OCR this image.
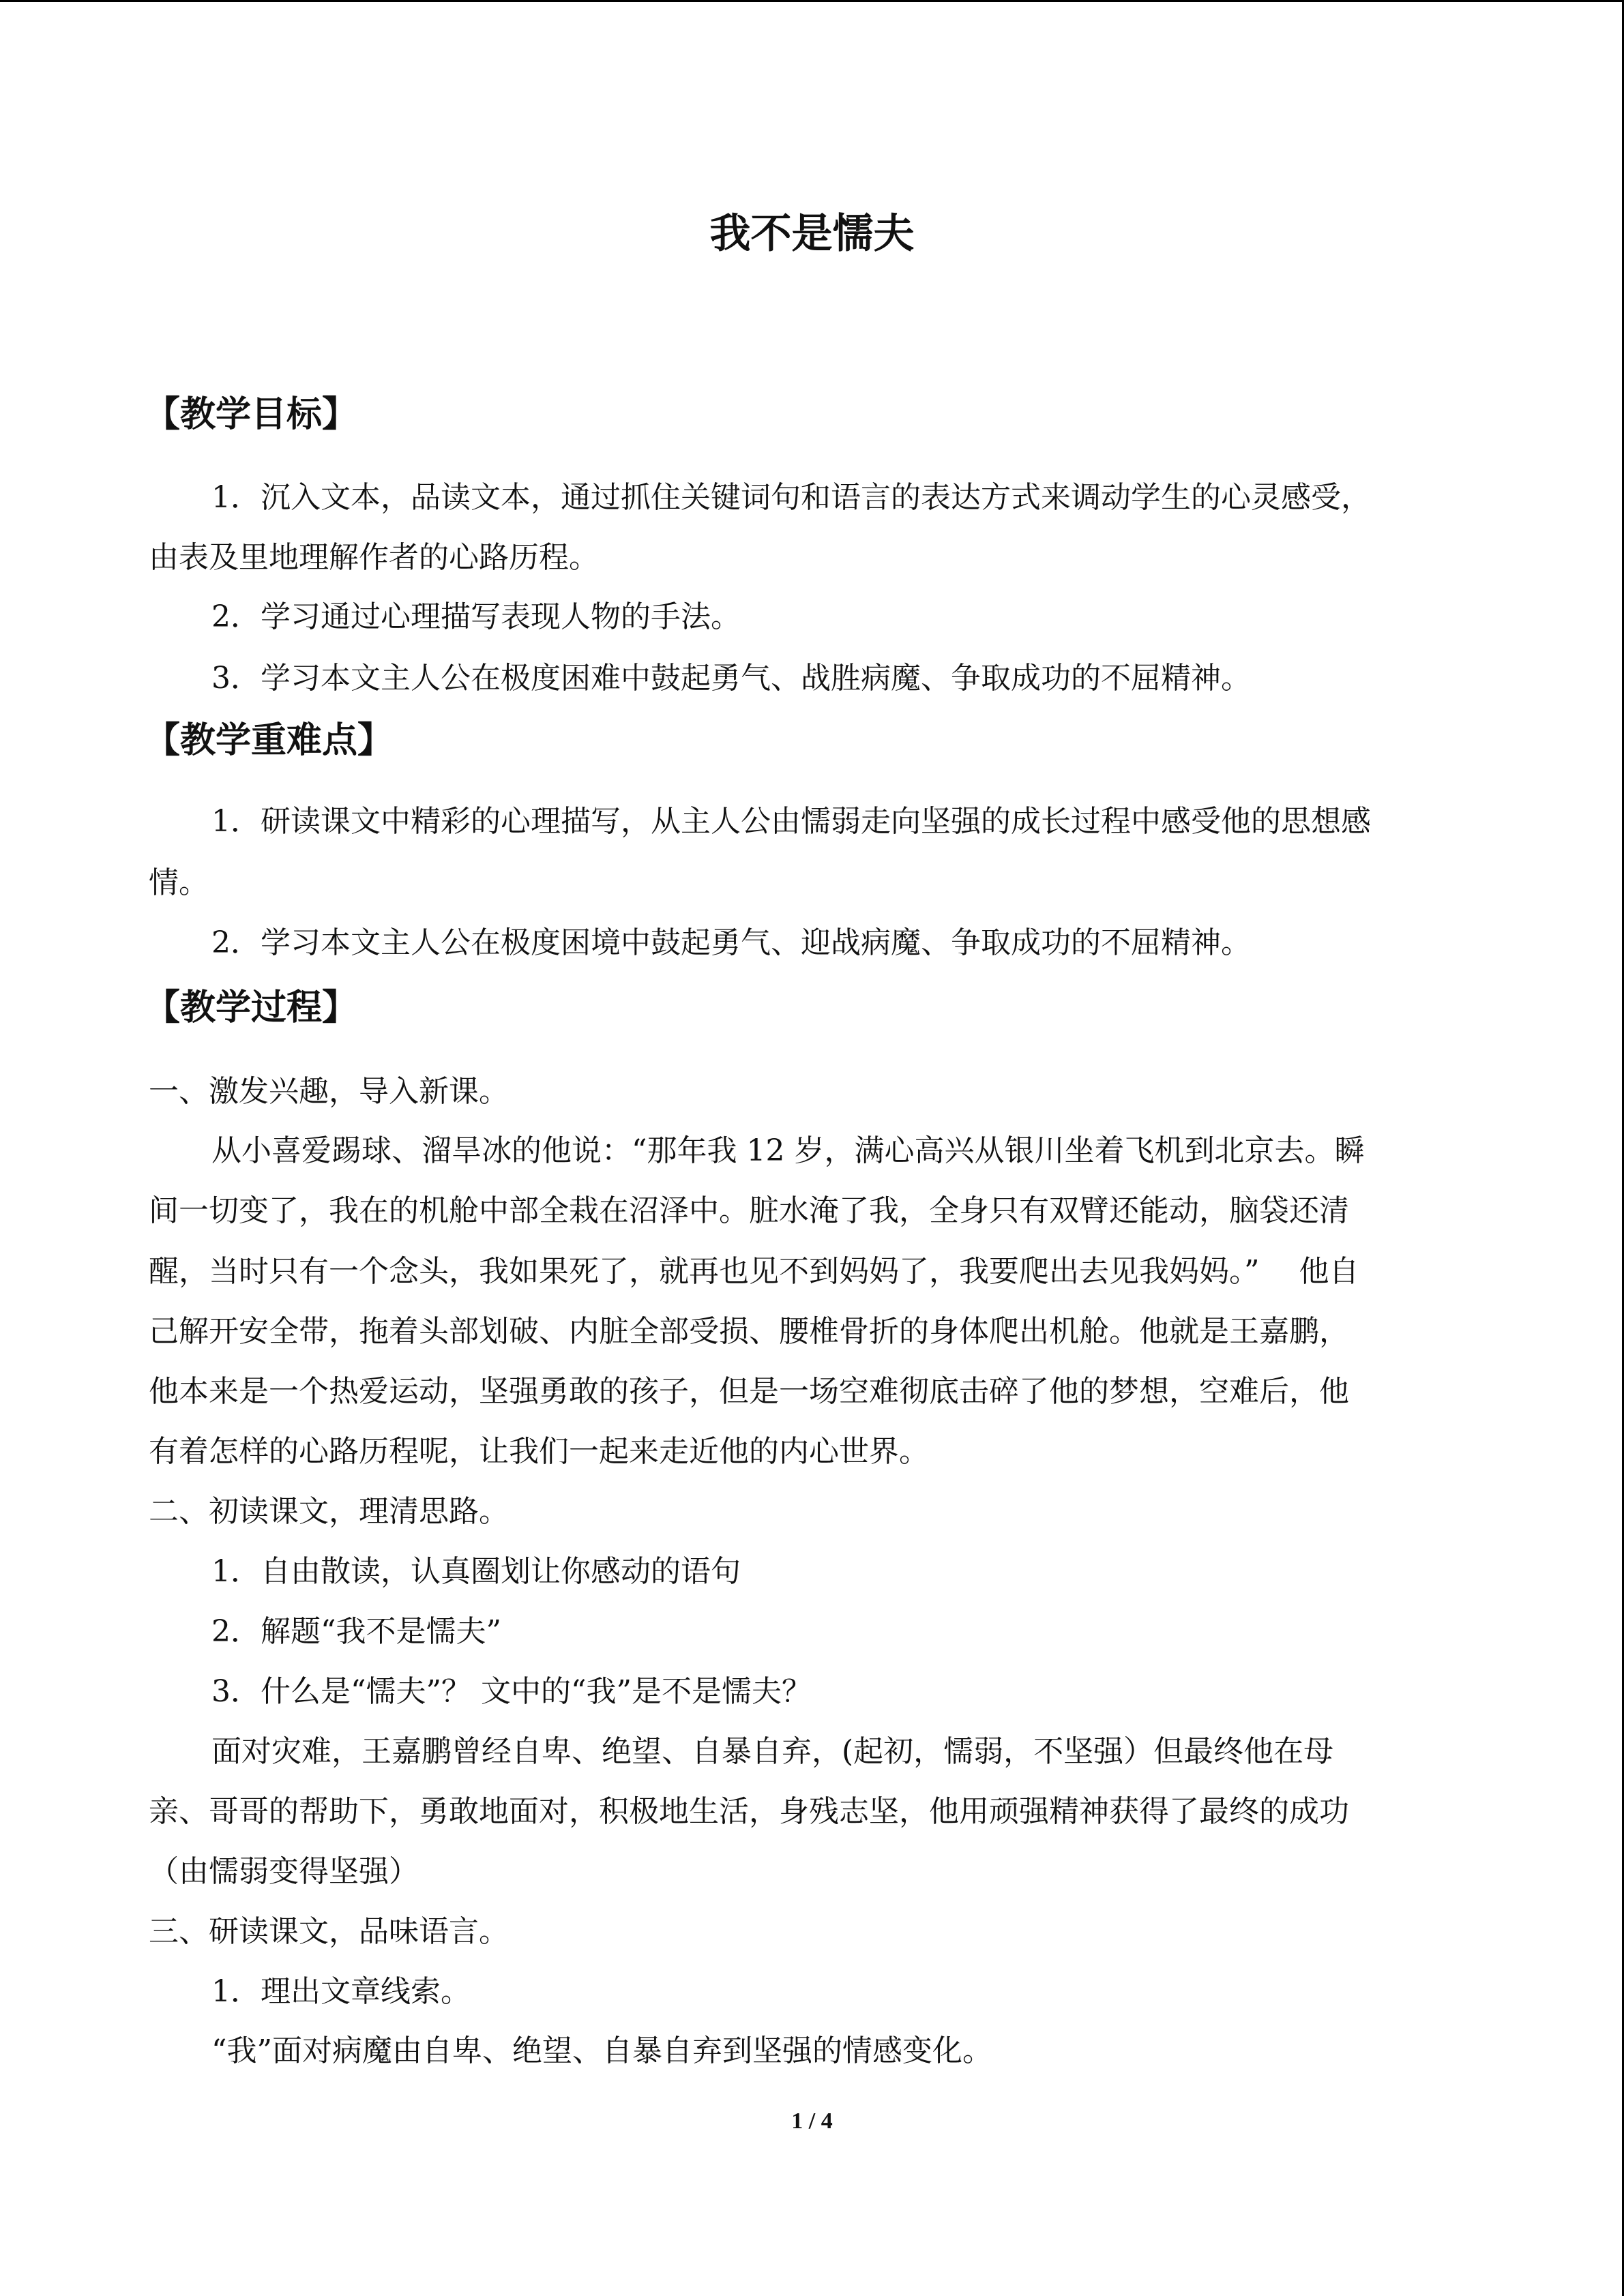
我不是懦夫
【教学目标】
1．沉入文本，品读文本，通过抓住关键词句和语言的表达方式来调动学生的心灵感受，
由表及里地理解作者的心路历程。
2．学习通过心理描写表现人物的手法。
3．学习本文主人公在极度困难中鼓起勇气、战胜病魔、争取成功的不屈精神。
【教学重难点】
1．研读课文中精彩的心理描写，从主人公由懦弱走向坚强的成长过程中感受他的思想感
情。
2．学习本文主人公在极度困境中鼓起勇气、迎战病魔、争取成功的不屈精神。
【教学过程】
一、激发兴趣，导入新课。
从小喜爱踢球、溜旱冰的他说：“那年我 12 岁，满心高兴从银川坐着飞机到北京去。瞬
间一切变了，我在的机舱中部全栽在沼泽中。脏水淹了我，全身只有双臂还能动，脑袋还清
醒，当时只有一个念头，我如果死了，就再也见不到妈妈了，我要爬出去见我妈妈。”　 他自
己解开安全带，拖着头部划破、内脏全部受损、腰椎骨折的身体爬出机舱。他就是王嘉鹏，
他本来是一个热爱运动，坚强勇敢的孩子，但是一场空难彻底击碎了他的梦想，空难后，他
有着怎样的心路历程呢，让我们一起来走近他的内心世界。
二、初读课文，理清思路。
1．自由散读，认真圈划让你感动的语句
2．解题“我不是懦夫”
3．什么是“懦夫”？ 文中的“我”是不是懦夫？
面对灾难，王嘉鹏曾经自卑、绝望、自暴自弃，(起初，懦弱，不坚强）但最终他在母
亲、哥哥的帮助下，勇敢地面对，积极地生活，身残志坚，他用顽强精神获得了最终的成功
（由懦弱变得坚强）
三、研读课文，品味语言。
1．理出文章线索。
“我”面对病魔由自卑、绝望、自暴自弃到坚强的情感变化。
1 / 4
